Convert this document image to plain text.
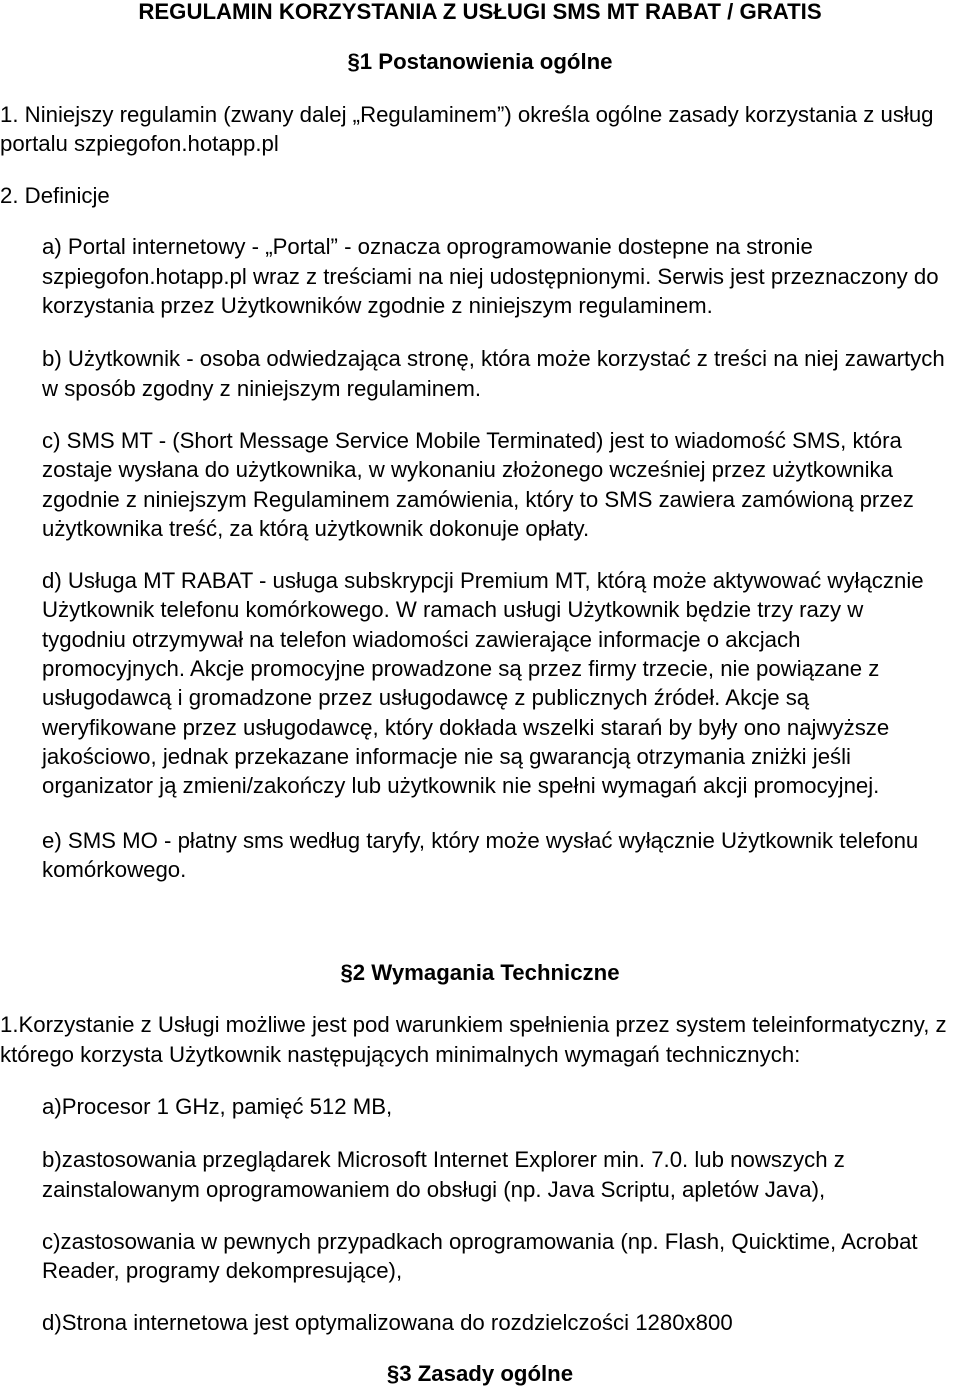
REGULAMIN KORZYSTANIA Z USŁUGI SMS MT RABAT / GRATIS
§1 Postanowienia ogólne
1. Niniejszy regulamin (zwany dalej „Regulaminem”) określa ogólne zasady korzystania z usług
portalu szpiegofon.hotapp.pl
2. Definicje
a) Portal internetowy - „Portal” - oznacza oprogramowanie dostepne na stronie
szpiegofon.hotapp.pl wraz z treściami na niej udostępnionymi. Serwis jest przeznaczony do
korzystania przez Użytkowników zgodnie z niniejszym regulaminem.
b) Użytkownik - osoba odwiedzająca stronę, która może korzystać z treści na niej zawartych
w sposób zgodny z niniejszym regulaminem.
c) SMS MT - (Short Message Service Mobile Terminated) jest to wiadomość SMS, która
zostaje wysłana do użytkownika, w wykonaniu złożonego wcześniej przez użytkownika
zgodnie z niniejszym Regulaminem zamówienia, który to SMS zawiera zamówioną przez
użytkownika treść, za którą użytkownik dokonuje opłaty.
d) Usługa MT RABAT - usługa subskrypcji Premium MT, którą może aktywować wyłącznie
Użytkownik telefonu komórkowego. W ramach usługi Użytkownik będzie trzy razy w
tygodniu otrzymywał na telefon wiadomości zawierające informacje o akcjach
promocyjnych. Akcje promocyjne prowadzone są przez firmy trzecie, nie powiązane z
usługodawcą i gromadzone przez usługodawcę z publicznych źródeł. Akcje są
weryfikowane przez usługodawcę, który dokłada wszelki starań by były ono najwyższe
jakościowo, jednak przekazane informacje nie są gwarancją otrzymania zniżki jeśli
organizator ją zmieni/zakończy lub użytkownik nie spełni wymagań akcji promocyjnej.
e) SMS MO - płatny sms według taryfy, który może wysłać wyłącznie Użytkownik telefonu
komórkowego.
§2 Wymagania Techniczne
1.Korzystanie z Usługi możliwe jest pod warunkiem spełnienia przez system teleinformatyczny, z
którego korzysta Użytkownik następujących minimalnych wymagań technicznych:
a)Procesor 1 GHz, pamięć 512 MB,
b)zastosowania przeglądarek Microsoft Internet Explorer min. 7.0. lub nowszych z
zainstalowanym oprogramowaniem do obsługi (np. Java Scriptu, apletów Java),
c)zastosowania w pewnych przypadkach oprogramowania (np. Flash, Quicktime, Acrobat
Reader, programy dekompresujące),
d)Strona internetowa jest optymalizowana do rozdzielczości 1280x800
§3 Zasady ogólne
